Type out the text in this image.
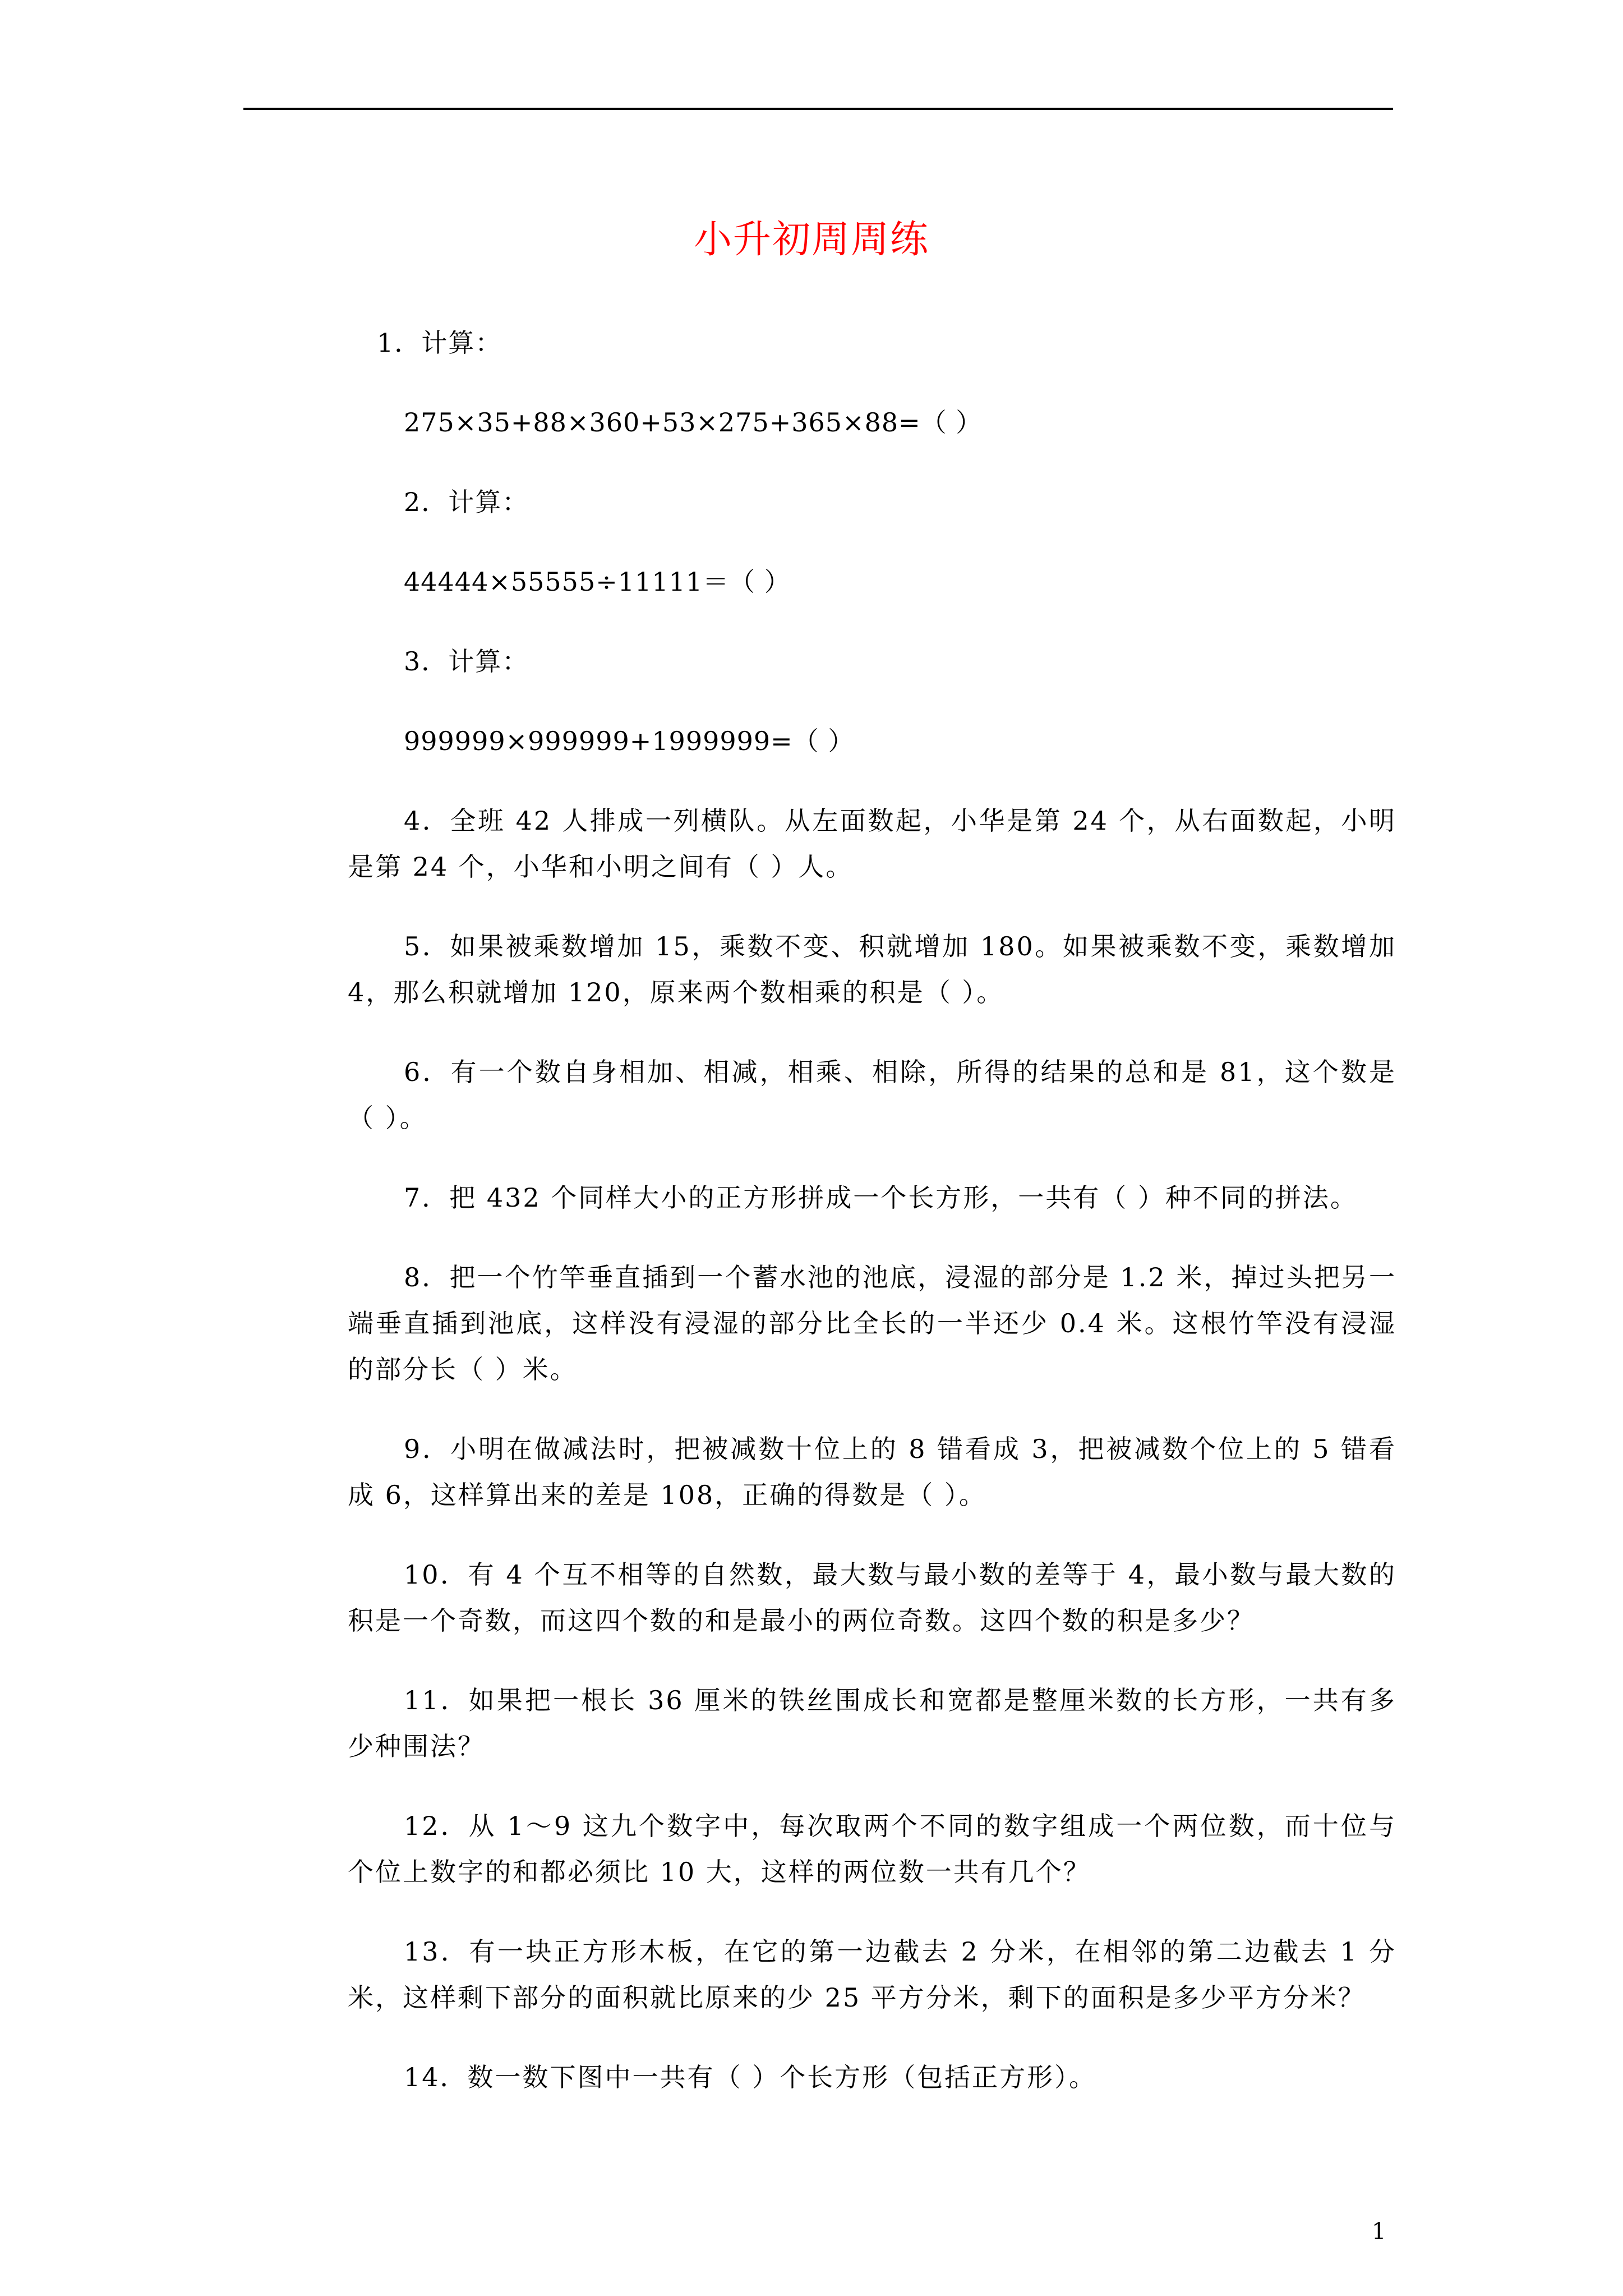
小升初周周练
1．计算：
275×35+88×360+53×275+365×88=（ ）
2．计算：
44444×55555÷11111＝（ ）
3．计算：
999999×999999+1999999=（ ）
4．全班 42 人排成一列横队。从左面数起，小华是第 24 个，从右面数起，小明是第 24 个，小华和小明之间有（ ）人。
5．如果被乘数增加 15，乘数不变、积就增加 180。如果被乘数不变，乘数增加 4，那么积就增加 120，原来两个数相乘的积是（ ）。
6．有一个数自身相加、相减，相乘、相除，所得的结果的总和是 81，这个数是（ ）。
7．把 432 个同样大小的正方形拼成一个长方形，一共有（ ）种不同的拼法。
8．把一个竹竿垂直插到一个蓄水池的池底，浸湿的部分是 1.2 米，掉过头把另一端垂直插到池底，这样没有浸湿的部分比全长的一半还少 0.4 米。这根竹竿没有浸湿的部分长（ ）米。
9．小明在做减法时，把被减数十位上的 8 错看成 3，把被减数个位上的 5 错看成 6，这样算出来的差是 108，正确的得数是（ ）。
10．有 4 个互不相等的自然数，最大数与最小数的差等于 4，最小数与最大数的积是一个奇数，而这四个数的和是最小的两位奇数。这四个数的积是多少？
11．如果把一根长 36 厘米的铁丝围成长和宽都是整厘米数的长方形，一共有多少种围法？
12．从 1～9 这九个数字中，每次取两个不同的数字组成一个两位数，而十位与个位上数字的和都必须比 10 大，这样的两位数一共有几个？
13．有一块正方形木板，在它的第一边截去 2 分米，在相邻的第二边截去 1 分米，这样剩下部分的面积就比原来的少 25 平方分米，剩下的面积是多少平方分米？
14．数一数下图中一共有（ ）个长方形（包括正方形）。
1
